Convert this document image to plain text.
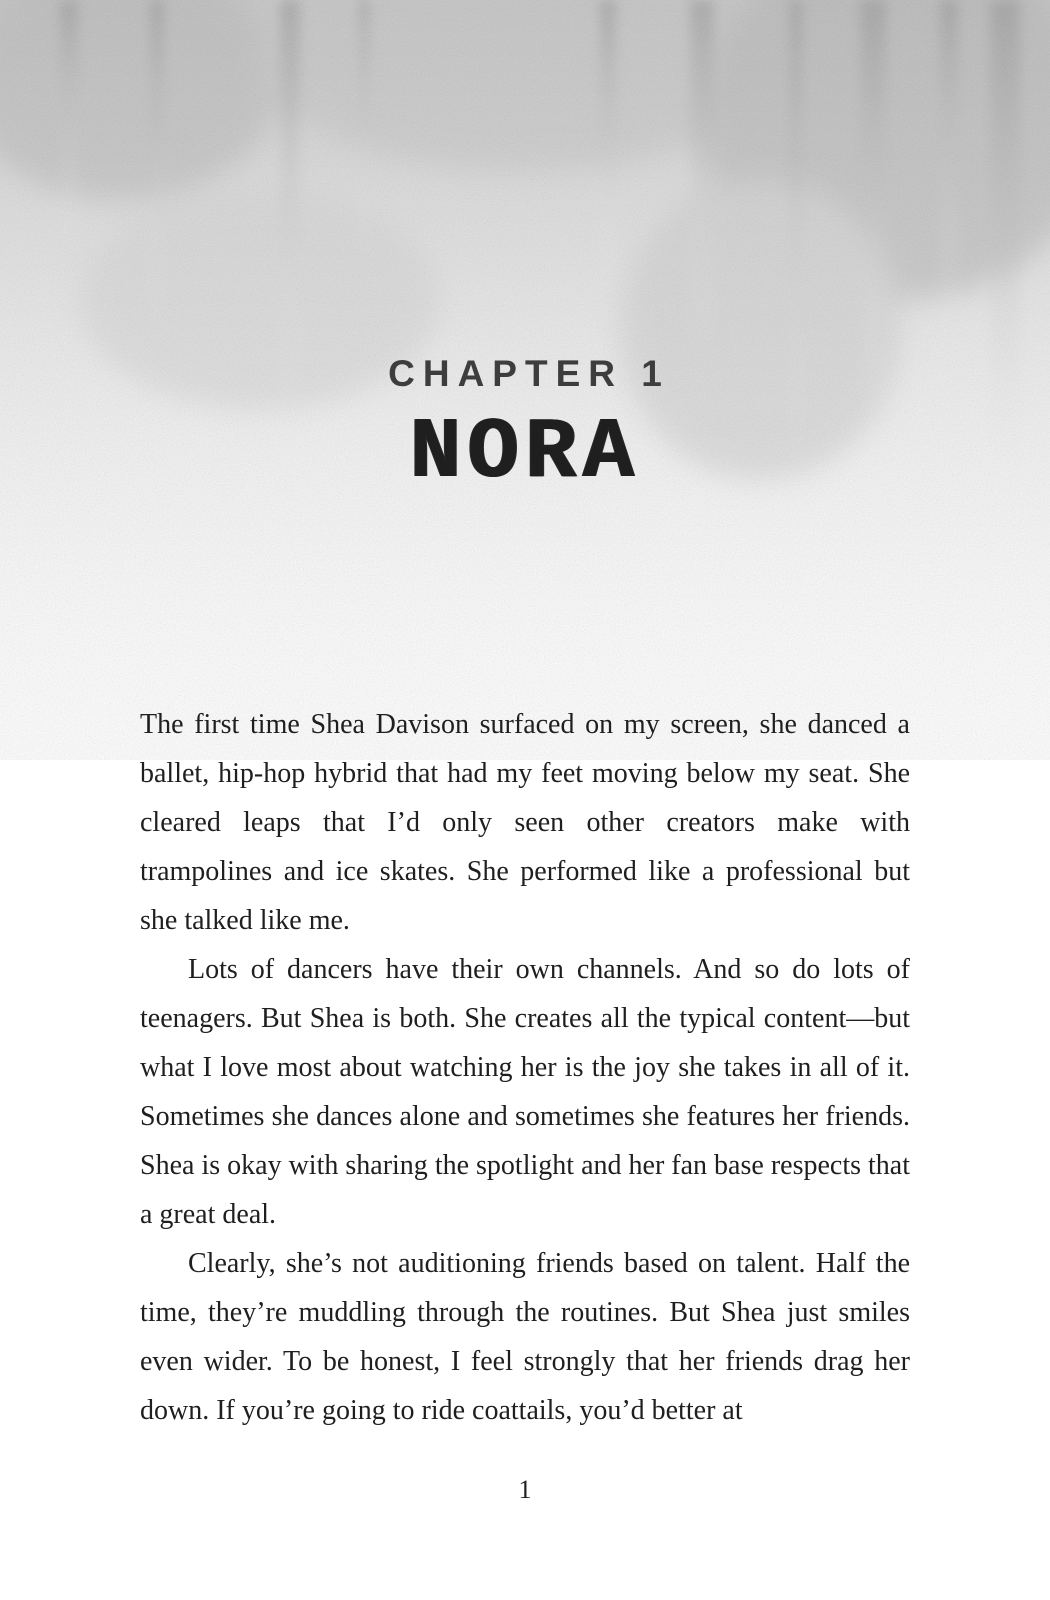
CHAPTER 1
NORA

The first time Shea Davison surfaced on my screen, she danced a ballet, hip-hop hybrid that had my feet moving below my seat. She cleared leaps that I’d only seen other creators make with trampolines and ice skates. She performed like a professional but she talked like me.

Lots of dancers have their own channels. And so do lots of teenagers. But Shea is both. She creates all the typical content—but what I love most about watching her is the joy she takes in all of it. Sometimes she dances alone and sometimes she features her friends. Shea is okay with sharing the spotlight and her fan base respects that a great deal.

Clearly, she’s not auditioning friends based on talent. Half the time, they’re muddling through the routines. But Shea just smiles even wider. To be honest, I feel strongly that her friends drag her down. If you’re going to ride coattails, you’d better at

1
